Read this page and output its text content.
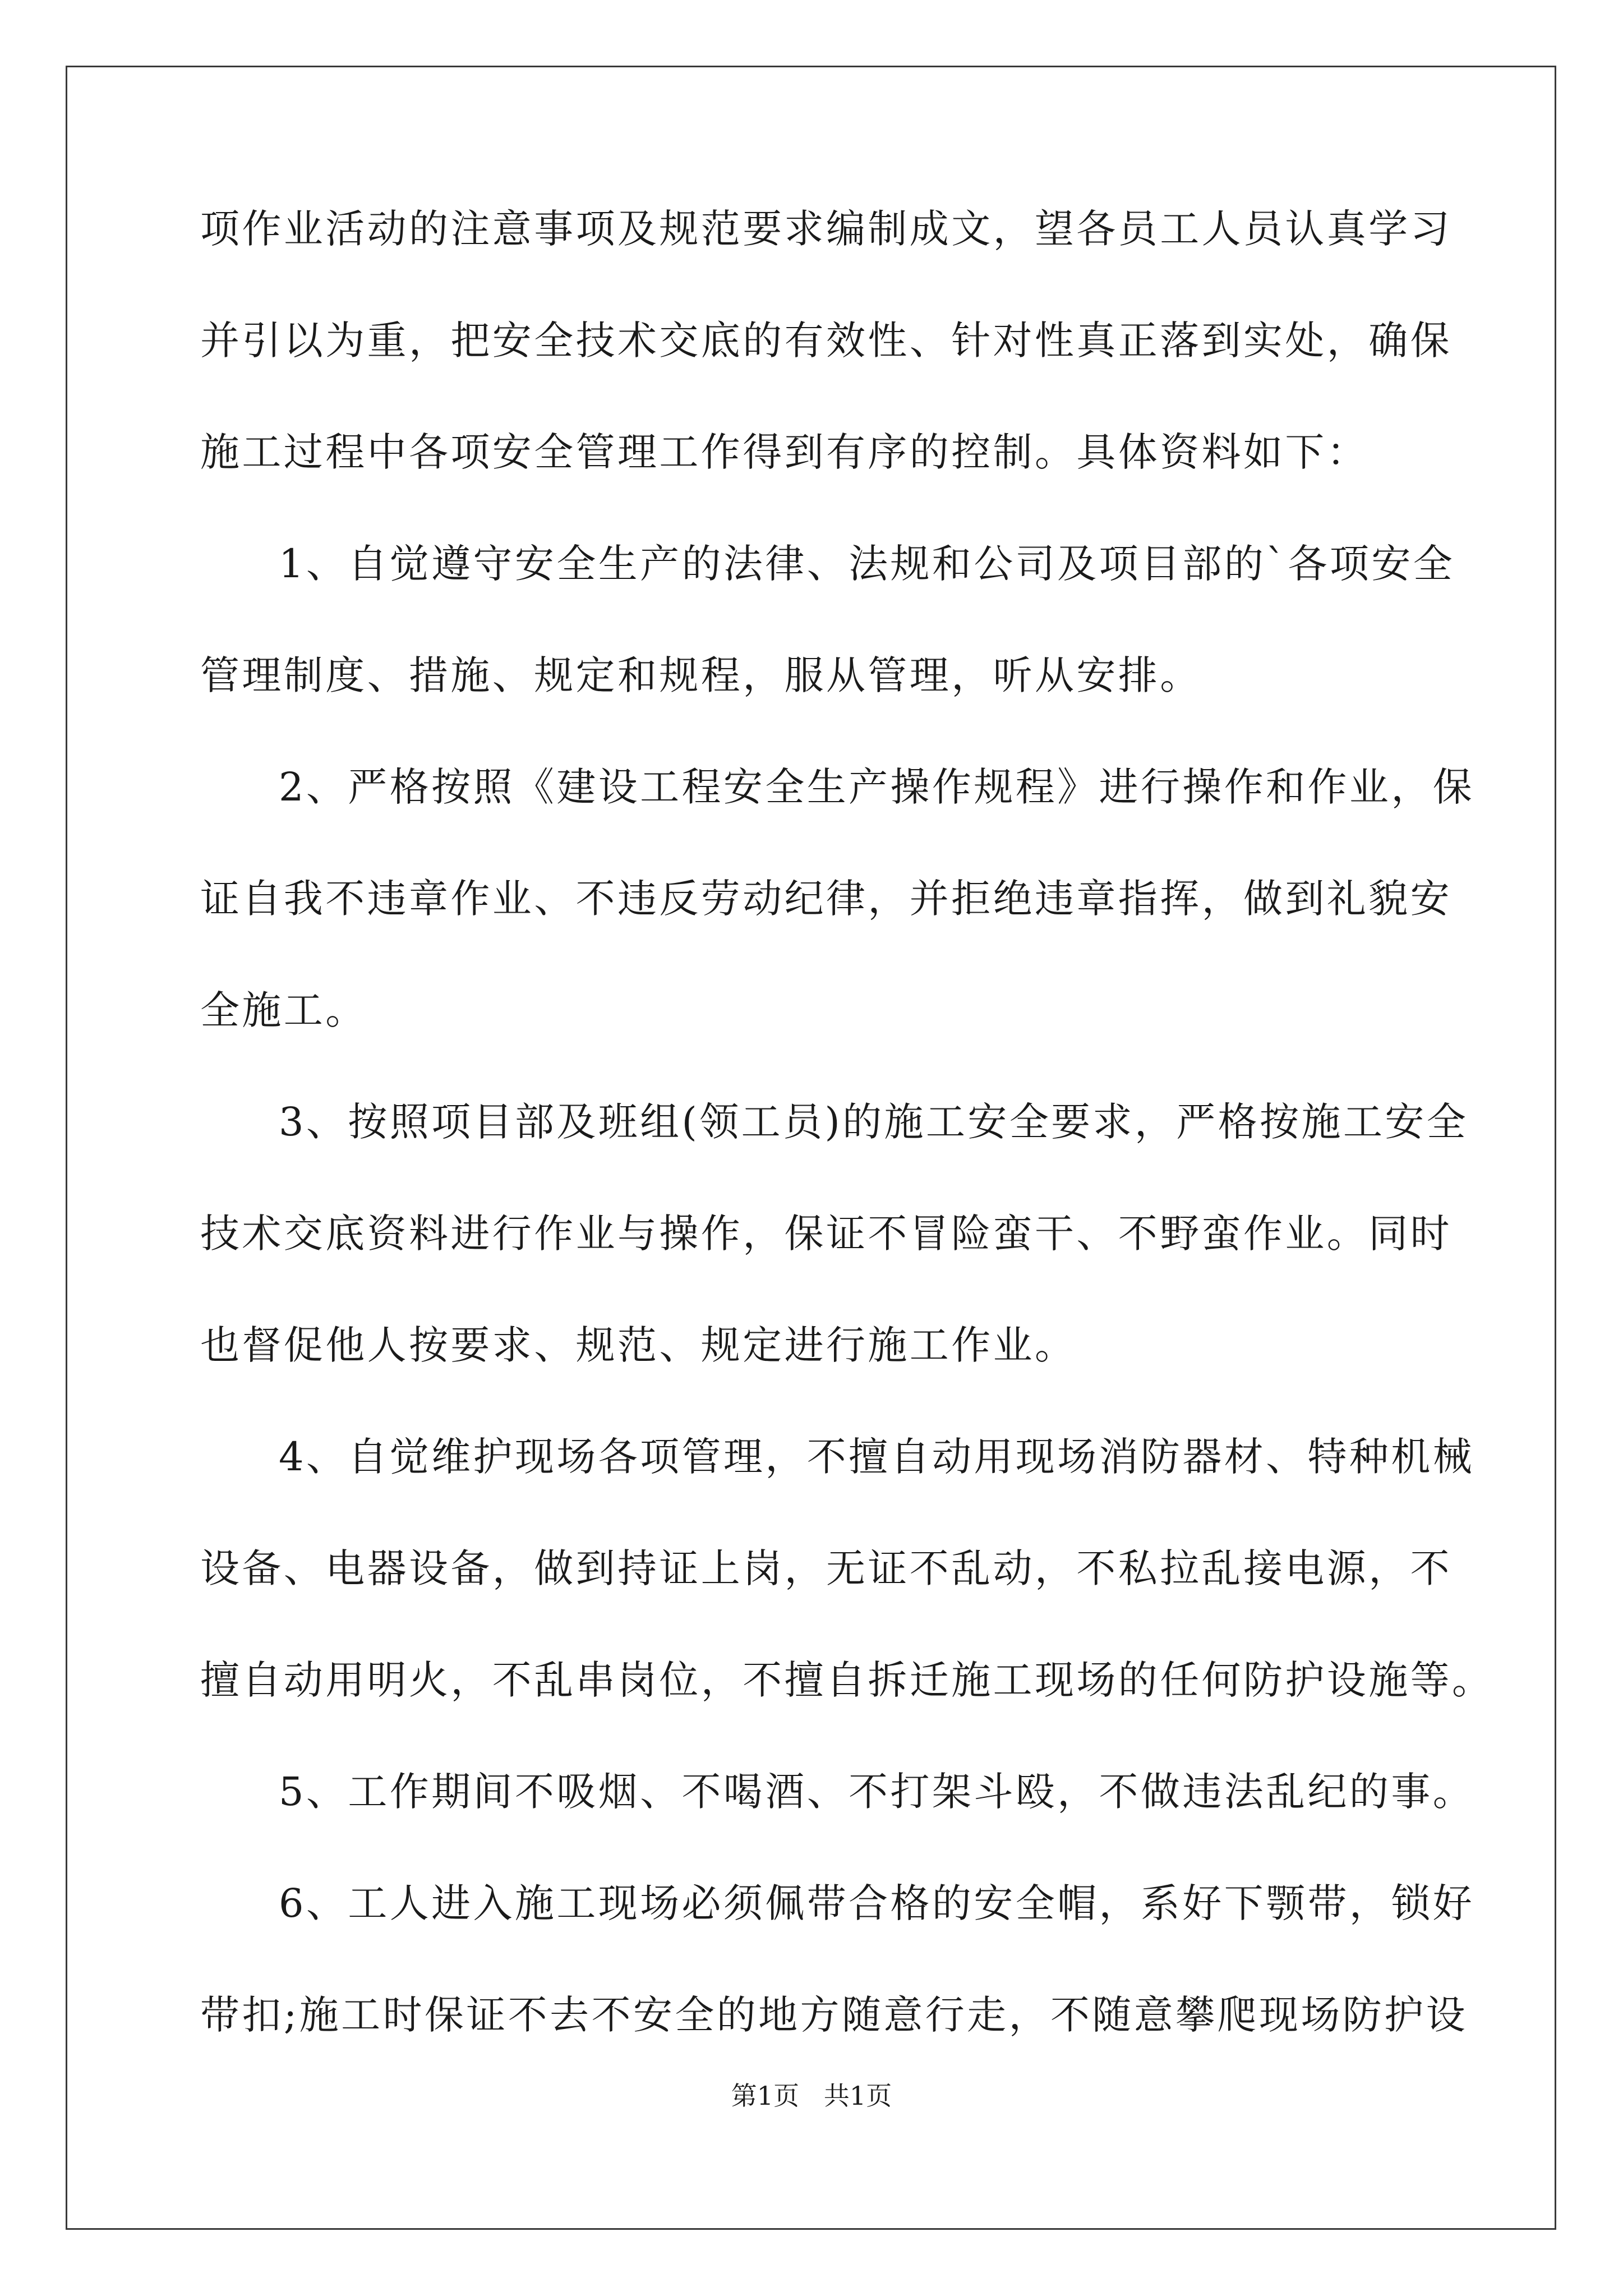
项作业活动的注意事项及规范要求编制成文，望各员工人员认真学习
并引以为重，把安全技术交底的有效性、针对性真正落到实处，确保
施工过程中各项安全管理工作得到有序的控制。具体资料如下：
1、自觉遵守安全生产的法律、法规和公司及项目部的`各项安全
管理制度、措施、规定和规程，服从管理，听从安排。
2、严格按照《建设工程安全生产操作规程》进行操作和作业，保
证自我不违章作业、不违反劳动纪律，并拒绝违章指挥，做到礼貌安
全施工。
3、按照项目部及班组(领工员)的施工安全要求，严格按施工安全
技术交底资料进行作业与操作，保证不冒险蛮干、不野蛮作业。同时
也督促他人按要求、规范、规定进行施工作业。
4、自觉维护现场各项管理，不擅自动用现场消防器材、特种机械
设备、电器设备，做到持证上岗，无证不乱动，不私拉乱接电源，不
擅自动用明火，不乱串岗位，不擅自拆迁施工现场的任何防护设施等。
5、工作期间不吸烟、不喝酒、不打架斗殴，不做违法乱纪的事。
6、工人进入施工现场必须佩带合格的安全帽，系好下颚带，锁好
带扣;施工时保证不去不安全的地方随意行走，不随意攀爬现场防护设
第1页   共1页
